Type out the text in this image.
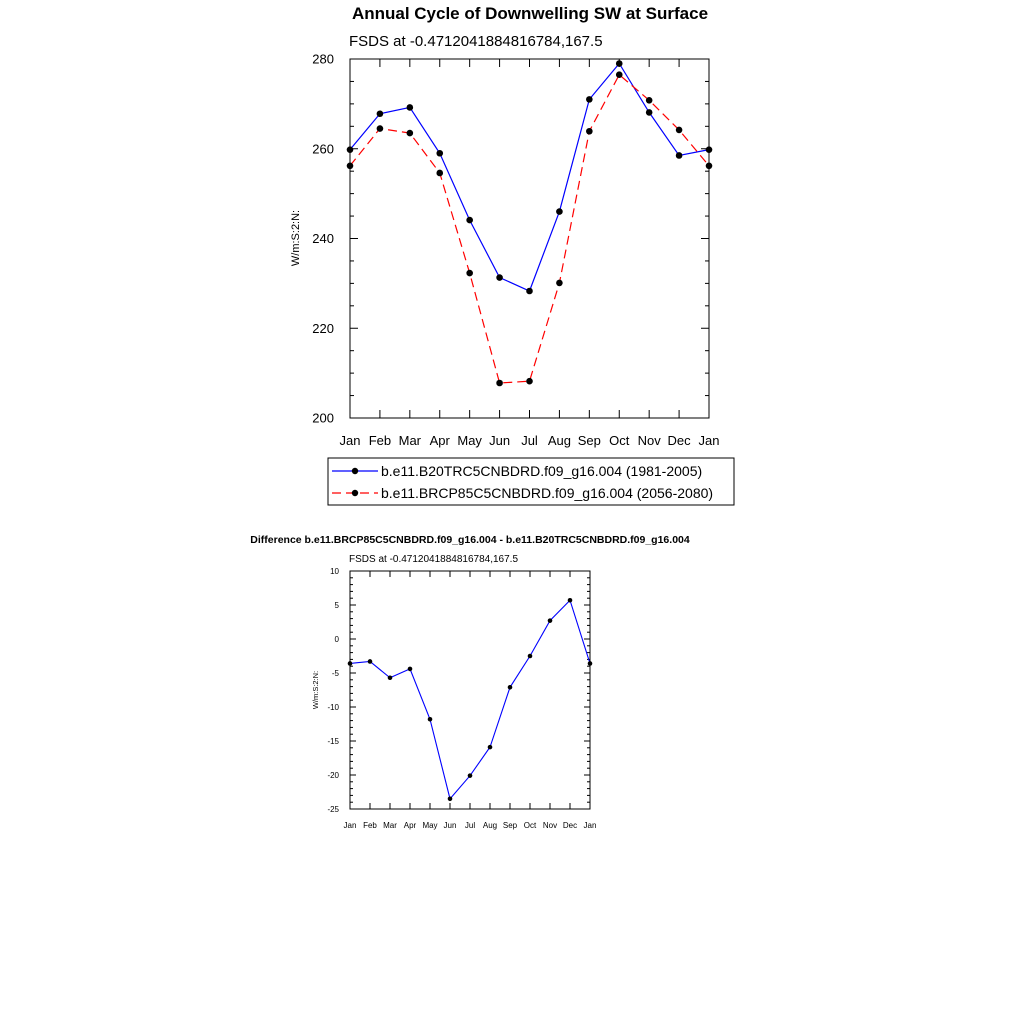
Annual Cycle of Downwelling SW at Surface
FSDS at -0.4712041884816784,167.5
W/m:S:2:N:
Jan Feb Mar Apr May Jun Jul Aug Sep Oct Nov Dec Jan
200
220
240
260
280
b.e11.B20TRC5CNBDRD.f09_g16.004 (1981-2005)
b.e11.BRCP85C5CNBDRD.f09_g16.004 (2056-2080)
Difference b.e11.BRCP85C5CNBDRD.f09_g16.004 - b.e11.B20TRC5CNBDRD.f09_g16.004
FSDS at -0.4712041884816784,167.5
W/m:S:2:N:
Jan Feb Mar Apr May Jun Jul Aug Sep Oct Nov Dec Jan
-25
-20
-15
-10
-5
0
5
10
